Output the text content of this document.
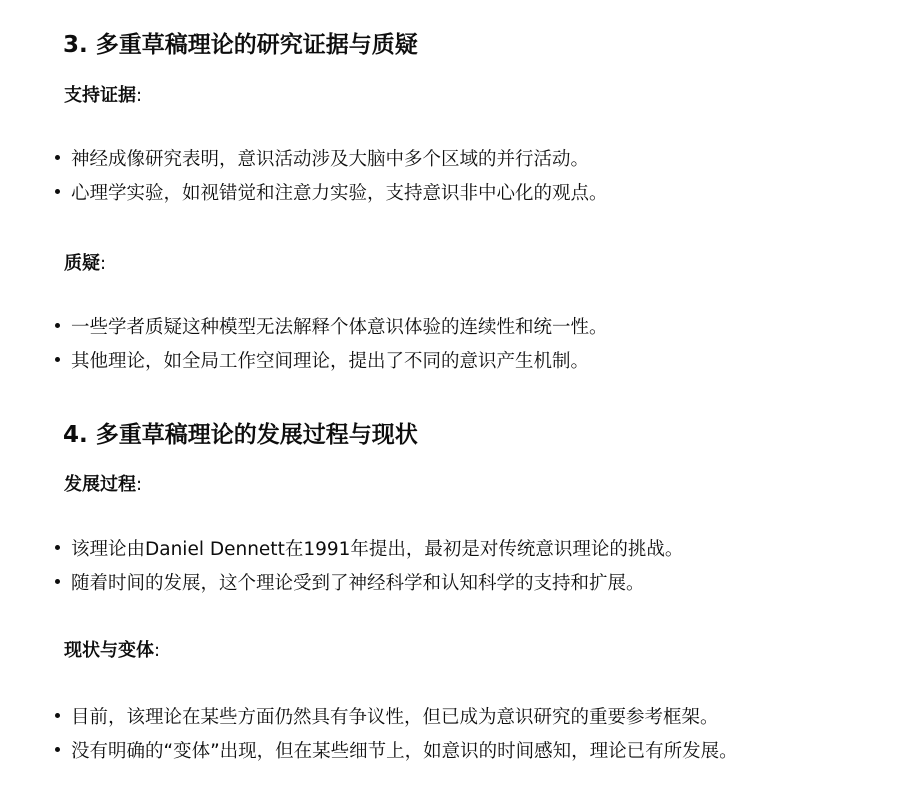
3. 多重草稿理论的研究证据与质疑

支持证据:

神经成像研究表明，意识活动涉及大脑中多个区域的并行活动。
心理学实验，如视错觉和注意力实验，支持意识非中心化的观点。

质疑:

一些学者质疑这种模型无法解释个体意识体验的连续性和统一性。
其他理论，如全局工作空间理论，提出了不同的意识产生机制。
4. 多重草稿理论的发展过程与现状

发展过程:

该理论由Daniel Dennett在1991年提出，最初是对传统意识理论的挑战。
随着时间的发展，这个理论受到了神经科学和认知科学的支持和扩展。

现状与变体:

目前，该理论在某些方面仍然具有争议性，但已成为意识研究的重要参考框架。
没有明确的“变体”出现，但在某些细节上，如意识的时间感知，理论已有所发展。
